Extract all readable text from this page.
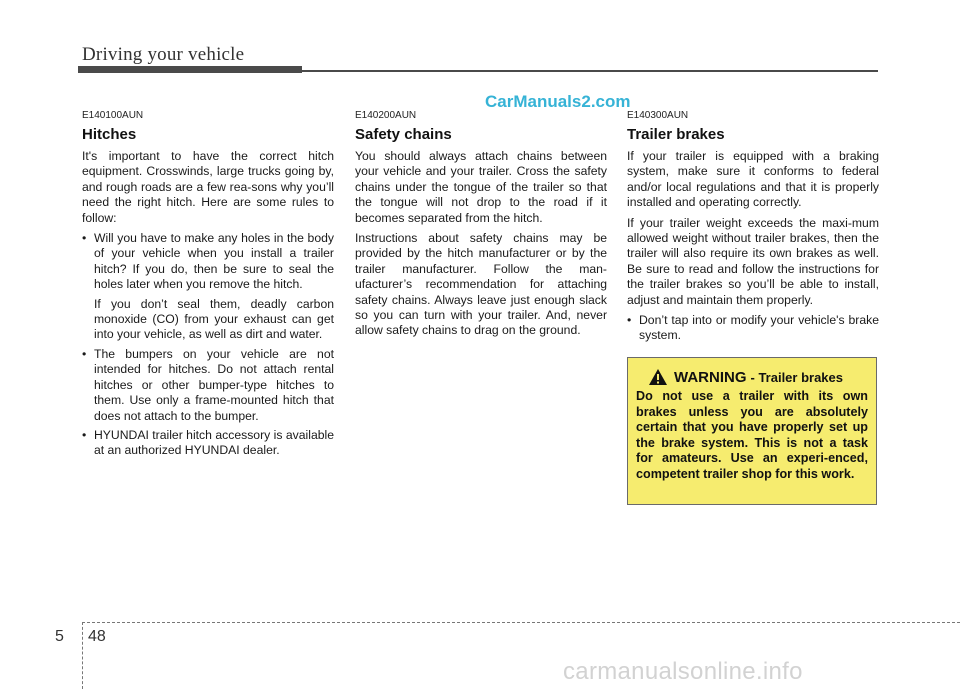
Driving your vehicle
CarManuals2.com
E140100AUN
Hitches

It's important to have the correct hitch equipment. Crosswinds, large trucks going by, and rough roads are a few rea-sons why you’ll need the right hitch. Here are some rules to follow:

• Will you have to make any holes in the body of your vehicle when you install a trailer hitch? If you do, then be sure to seal the holes later when you remove the hitch.
If you don’t seal them, deadly carbon monoxide (CO) from your exhaust can get into your vehicle, as well as dirt and water.
• The bumpers on your vehicle are not intended for hitches. Do not attach rental hitches or other bumper-type hitches to them. Use only a frame-mounted hitch that does not attach to the bumper.
• HYUNDAI trailer hitch accessory is available at an authorized HYUNDAI dealer.
E140200AUN
Safety chains

You should always attach chains between your vehicle and your trailer. Cross the safety chains under the tongue of the trailer so that the tongue will not drop to the road if it becomes separated from the hitch.

Instructions about safety chains may be provided by the hitch manufacturer or by the trailer manufacturer. Follow the man-ufacturer’s recommendation for attaching safety chains. Always leave just enough slack so you can turn with your trailer. And, never allow safety chains to drag on the ground.

E140300AUN
Trailer brakes

If your trailer is equipped with a braking system, make sure it conforms to federal and/or local regulations and that it is properly installed and operating correctly.

If your trailer weight exceeds the maxi-mum allowed weight without trailer brakes, then the trailer will also require its own brakes as well. Be sure to read and follow the instructions for the trailer brakes so you’ll be able to install, adjust and maintain them properly.

• Don’t tap into or modify your vehicle's brake system.
WARNING - Trailer brakes
Do not use a trailer with its own brakes unless you are absolutely certain that you have properly set up the brake system. This is not a task for amateurs. Use an experi-enced, competent trailer shop for this work.
5 48
carmanualsonline.info
